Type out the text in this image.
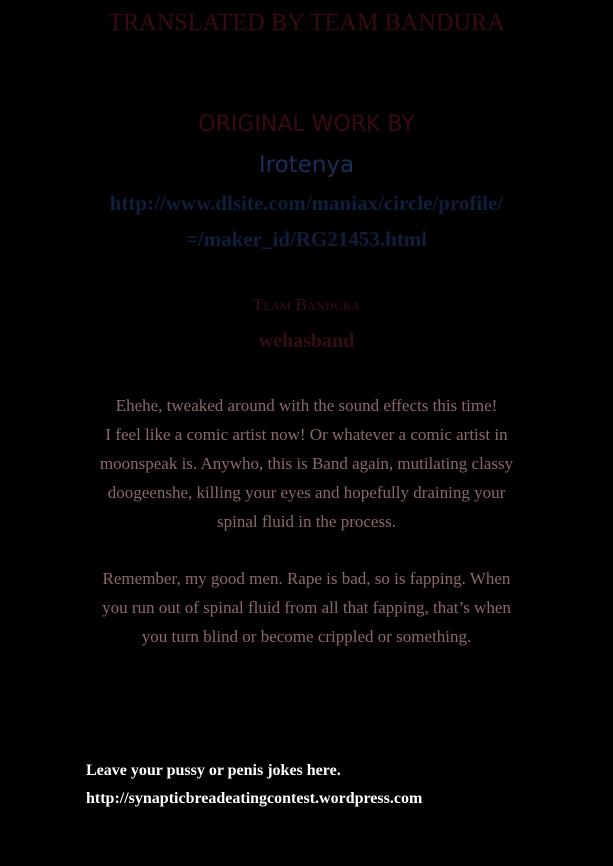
TRANSLATED BY TEAM BANDURA
ORIGINAL WORK BY
Irotenya
http://www.dlsite.com/maniax/circle/profile/
=/maker_id/RG21453.html
Team Bandura
wehasband
Ehehe, tweaked around with the sound effects this time!
I feel like a comic artist now! Or whatever a comic artist in
moonspeak is. Anywho, this is Band again, mutilating classy
doogeenshe, killing your eyes and hopefully draining your
spinal fluid in the process.
Remember, my good men. Rape is bad, so is fapping. When
you run out of spinal fluid from all that fapping, that’s when
you turn blind or become crippled or something.
Leave your pussy or penis jokes here.
http://synapticbreadeatingcontest.wordpress.com
